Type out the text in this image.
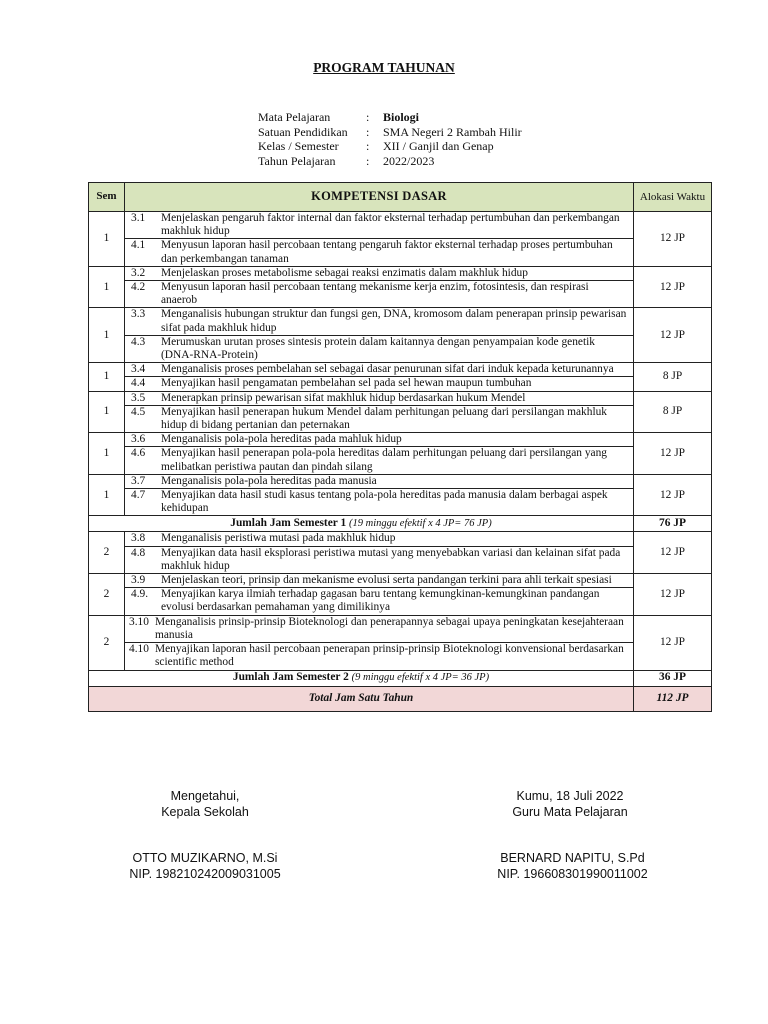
PROGRAM TAHUNAN
Mata Pelajaran	:	Biologi
Satuan Pendidikan	:	SMA Negeri 2 Rambah Hilir
Kelas / Semester	:	XII / Ganjil dan Genap
Tahun Pelajaran	:	2022/2023
Sem	KOMPETENSI DASAR	Alokasi Waktu
1	3.1 Menjelaskan pengaruh faktor internal dan faktor eksternal terhadap pertumbuhan dan perkembangan makhluk hidup
4.1 Menyusun laporan hasil percobaan tentang pengaruh faktor eksternal terhadap proses pertumbuhan dan perkembangan tanaman	12 JP
1	3.2 Menjelaskan proses metabolisme sebagai reaksi enzimatis dalam makhluk hidup
4.2 Menyusun laporan hasil percobaan tentang mekanisme kerja enzim, fotosintesis, dan respirasi anaerob	12 JP
1	3.3 Menganalisis hubungan struktur dan fungsi gen, DNA, kromosom dalam penerapan prinsip pewarisan sifat pada makhluk hidup
4.3 Merumuskan urutan proses sintesis protein dalam kaitannya dengan penyampaian kode genetik (DNA-RNA-Protein)	12 JP
1	3.4 Menganalisis proses pembelahan sel sebagai dasar penurunan sifat dari induk kepada keturunannya
4.4 Menyajikan hasil pengamatan pembelahan sel pada sel hewan maupun tumbuhan	8 JP
1	3.5 Menerapkan prinsip pewarisan sifat makhluk hidup berdasarkan hukum Mendel
4.5 Menyajikan hasil penerapan hukum Mendel dalam perhitungan peluang dari persilangan makhluk hidup di bidang pertanian dan peternakan	8 JP
1	3.6 Menganalisis pola-pola hereditas pada mahluk hidup
4.6 Menyajikan hasil penerapan pola-pola hereditas dalam perhitungan peluang dari persilangan yang melibatkan peristiwa pautan dan pindah silang	12 JP
1	3.7 Menganalisis pola-pola hereditas pada manusia
4.7 Menyajikan data hasil studi kasus tentang pola-pola hereditas pada manusia dalam berbagai aspek kehidupan	12 JP
Jumlah Jam Semester 1 (19 minggu efektif x 4 JP= 76 JP)		76 JP
2	3.8 Menganalisis peristiwa mutasi pada makhluk hidup
4.8 Menyajikan data hasil eksplorasi peristiwa mutasi yang menyebabkan variasi dan kelainan sifat pada makhluk hidup	12 JP
2	3.9 Menjelaskan teori, prinsip dan mekanisme evolusi serta pandangan terkini para ahli terkait spesiasi
4.9. Menyajikan karya ilmiah terhadap gagasan baru tentang kemungkinan-kemungkinan pandangan evolusi berdasarkan pemahaman yang dimilikinya	12 JP
2	3.10 Menganalisis prinsip-prinsip Bioteknologi dan penerapannya sebagai upaya peningkatan kesejahteraan manusia
4.10 Menyajikan laporan hasil percobaan penerapan prinsip-prinsip Bioteknologi konvensional berdasarkan scientific method	12 JP
Jumlah Jam Semester 2 (9 minggu efektif x 4 JP= 36 JP)		36 JP
Total Jam Satu Tahun		112 JP
Mengetahui,
Kepala Sekolah
Kumu, 18 Juli 2022
Guru Mata Pelajaran
OTTO MUZIKARNO, M.Si
NIP. 198210242009031005
BERNARD NAPITU, S.Pd
NIP. 196608301990011002
